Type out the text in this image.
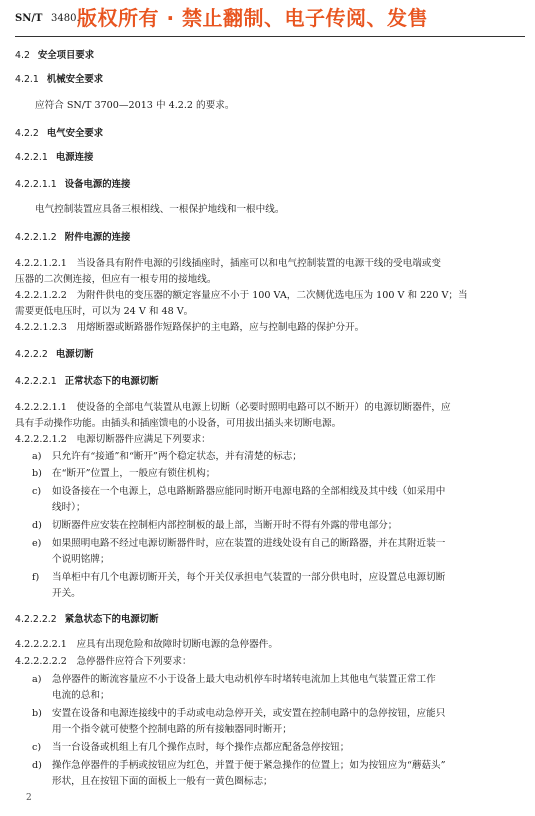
SN/T 3480.
版权所有 · 禁止翻制、电子传阅、发售
4.2 安全项目要求
4.2.1 机械安全要求
应符合 SN/T 3700—2013 中 4.2.2 的要求。
4.2.2 电气安全要求
4.2.2.1 电源连接
4.2.2.1.1 设备电源的连接
电气控制装置应具备三根相线、一根保护地线和一根中线。
4.2.2.1.2 附件电源的连接
4.2.2.1.2.1　当设备具有附件电源的引线插座时，插座可以和电气控制装置的电源干线的受电端或变
压器的二次侧连接，但应有一根专用的接地线。
4.2.2.1.2.2　为附件供电的变压器的额定容量应不小于 100 VA，二次侧优选电压为 100 V 和 220 V；当
需要更低电压时，可以为 24 V 和 48 V。
4.2.2.1.2.3　用熔断器或断路器作短路保护的主电路，应与控制电路的保护分开。
4.2.2.2 电源切断
4.2.2.2.1 正常状态下的电源切断
4.2.2.2.1.1　使设备的全部电气装置从电源上切断（必要时照明电路可以不断开）的电源切断器件，应
具有手动操作功能。由插头和插座馈电的小设备，可用拔出插头来切断电源。
4.2.2.2.1.2　电源切断器件应满足下列要求：
a) 只允许有“接通”和“断开”两个稳定状态，并有清楚的标志；
b) 在“断开”位置上，一般应有锁住机构；
c) 如设备接在一个电源上，总电路断路器应能同时断开电源电路的全部相线及其中线（如采用中
线时）；
d) 切断器件应安装在控制柜内部控制板的最上部，当断开时不得有外露的带电部分；
e) 如果照明电路不经过电源切断器件时，应在装置的进线处设有自己的断路器，并在其附近装一
个说明铭牌；
f) 当单柜中有几个电源切断开关，每个开关仅承担电气装置的一部分供电时，应设置总电源切断
开关。
4.2.2.2.2 紧急状态下的电源切断
4.2.2.2.2.1　应具有出现危险和故障时切断电源的急停器件。
4.2.2.2.2.2　急停器件应符合下列要求：
a) 急停器件的断流容量应不小于设备上最大电动机停车时堵转电流加上其他电气装置正常工作
电流的总和；
b) 安置在设备和电源连接线中的手动或电动急停开关，或安置在控制电路中的急停按钮，应能只
用一个指令就可使整个控制电路的所有接触器同时断开；
c) 当一台设备或机组上有几个操作点时，每个操作点都应配备急停按钮；
d) 操作急停器件的手柄或按钮应为红色，并置于便于紧急操作的位置上；如为按钮应为“蘑菇头”
形状，且在按钮下面的面板上一般有一黄色圈标志；
2
